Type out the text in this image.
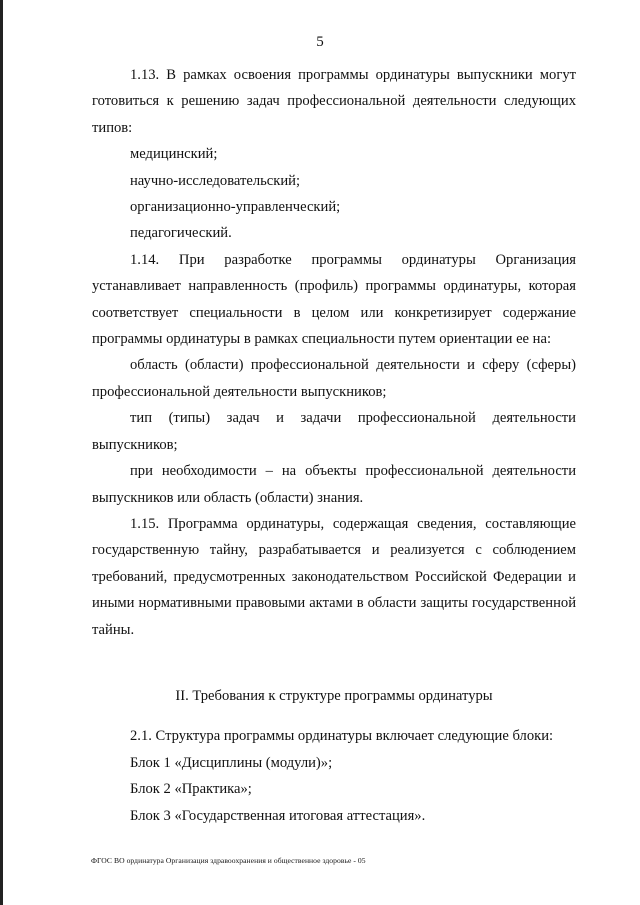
5

1.13. В рамках освоения программы ординатуры выпускники могут готовиться к решению задач профессиональной деятельности следующих типов:

медицинский;

научно-исследовательский;

организационно-управленческий;

педагогический.

1.14. При разработке программы ординатуры Организация устанавливает направленность (профиль) программы ординатуры, которая соответствует специальности в целом или конкретизирует содержание программы ординатуры в рамках специальности путем ориентации ее на:

область (области) профессиональной деятельности и сферу (сферы) профессиональной деятельности выпускников;

тип (типы) задач и задачи профессиональной деятельности выпускников;

при необходимости – на объекты профессиональной деятельности выпускников или область (области) знания.

1.15. Программа ординатуры, содержащая сведения, составляющие государственную тайну, разрабатывается и реализуется с соблюдением требований, предусмотренных законодательством Российской Федерации и иными нормативными правовыми актами в области защиты государственной тайны.

II. Требования к структуре программы ординатуры

2.1. Структура программы ординатуры включает следующие блоки:

Блок 1 «Дисциплины (модули)»;

Блок 2 «Практика»;

Блок 3 «Государственная итоговая аттестация».

ФГОС ВО ординатура Организация здравоохранения и общественное здоровье - 05
